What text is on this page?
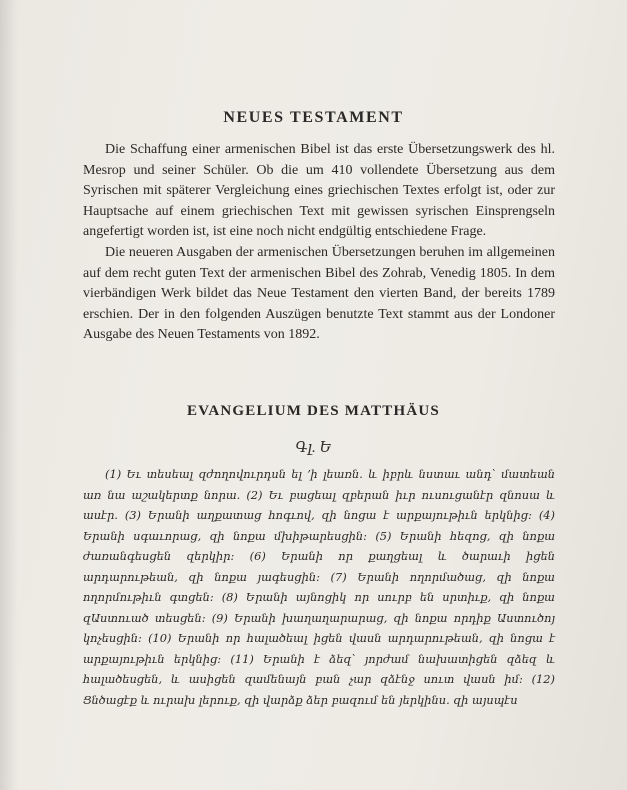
NEUES TESTAMENT

Die Schaffung einer armenischen Bibel ist das erste Übersetzungswerk des hl. Mesrop und seiner Schüler. Ob die um 410 vollendete Übersetzung aus dem Syrischen mit späterer Vergleichung eines griechischen Textes erfolgt ist, oder zur Hauptsache auf einem griechischen Text mit gewissen syrischen Einsprengseln angefertigt worden ist, ist eine noch nicht endgültig entschiedene Frage.

Die neueren Ausgaben der armenischen Übersetzungen beruhen im allgemeinen auf dem recht guten Text der armenischen Bibel des Zohrab, Venedig 1805. In dem vierbändigen Werk bildet das Neue Testament den vierten Band, der bereits 1789 erschien. Der in den folgenden Auszügen benutzte Text stammt aus der Londoner Ausgabe des Neuen Testaments von 1892.

EVANGELIUM DES MATTHÄUS
Գլ. Ե

(1) Եւ տեսեալ զժողովուրդսն ել ՚ի լեառն. և իբրև նստաւ անդ՝ մատեան առ նա աշակերտք նորա. (2) Եւ բացեալ զբերան իւր ուսուցանէր զնոսա և ասէր. (3) Երանի աղքատաց հոգւով, զի նոցա է արքայութիւն երկնից: (4) Երանի սգաւորաց, զի նոքա մխիթարեսցին: (5) Երանի հեզոց, զի նոքա ժառանգեսցեն զերկիր: (6) Երանի որ քաղցեալ և ծարաւի իցեն արդարութեան, զի նոքա յագեսցին: (7) Երանի ողորմածաց, զի նոքա ողորմութիւն գտցեն: (8) Երանի այնոցիկ որ սուրբ են սրտիւք, զի նոքա զԱստուած տեսցեն: (9) Երանի խաղաղարարաց, զի նոքա որդիք Աստուծոյ կոչեսցին: (10) Երանի որ հալածեալ իցեն վասն արդարութեան, զի նոցա է արքայութիւն երկնից: (11) Երանի է ձեզ՝ յորժամ նախատիցեն զձեզ և հալածեսցեն, և ասիցեն զամենայն բան չար զձէնջ սուտ վասն իմ: (12) Ցնծացէք և ուրախ լերուք, զի վարձք ձեր բազում են յերկինս. զի այսպէս
